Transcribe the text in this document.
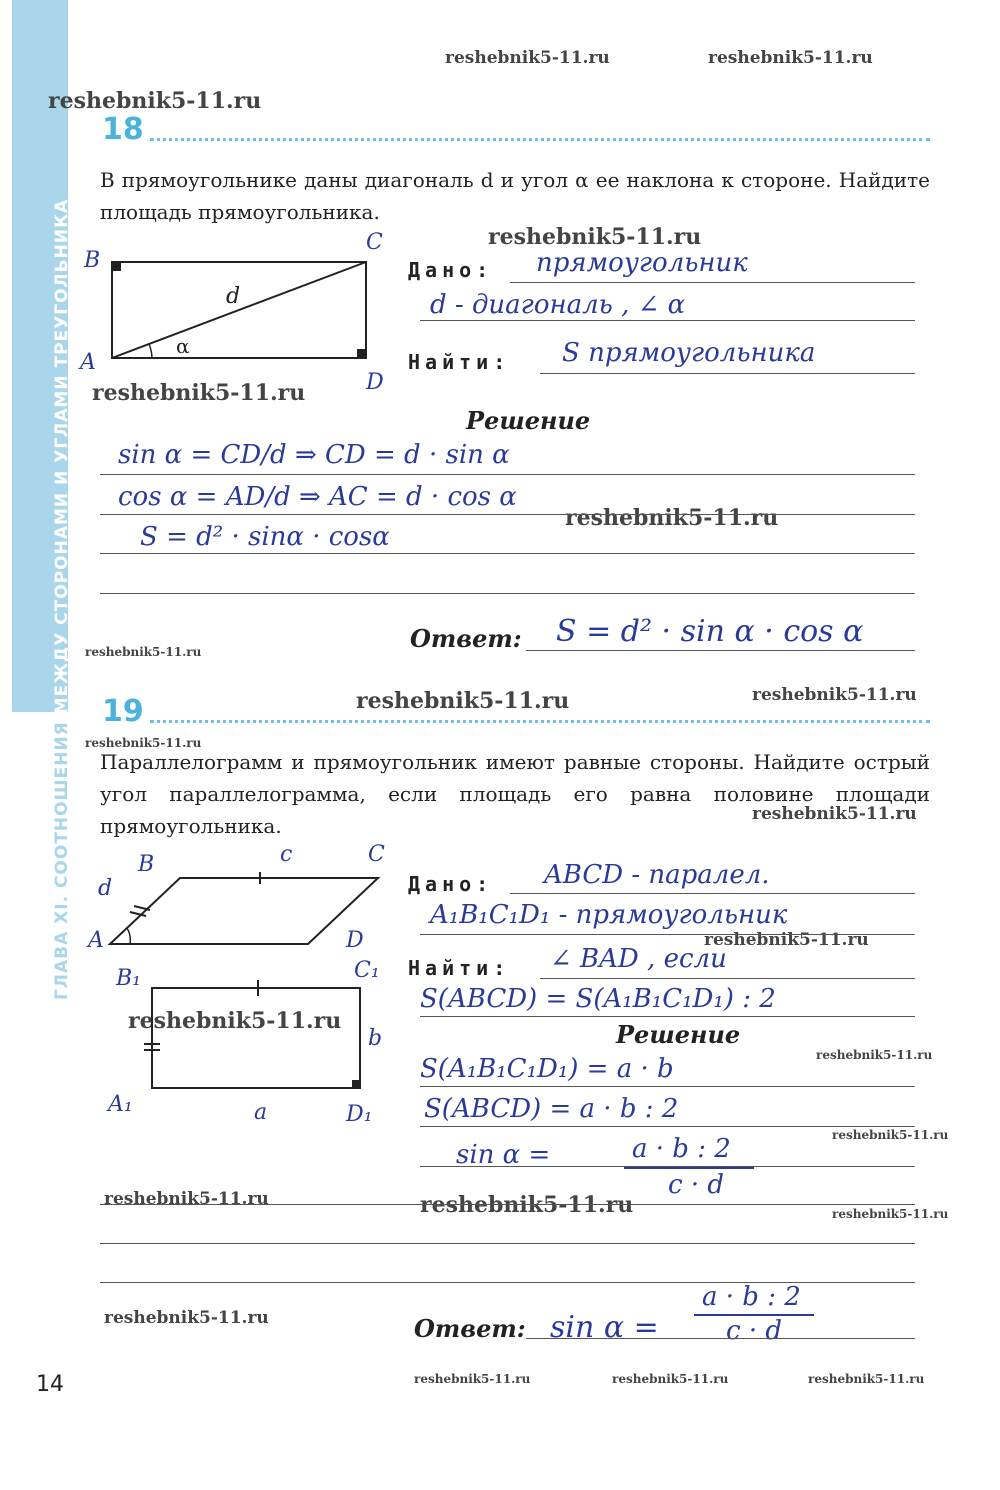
ГЛАВА XI. СООТНОШЕНИЯ МЕЖДУ СТОРОНАМИ И УГЛАМИ ТРЕУГОЛЬНИКА
reshebnik5-11.ru	reshebnik5-11.ru
reshebnik5-11.ru
reshebnik5-11.ru
reshebnik5-11.ru
reshebnik5-11.ru
reshebnik5-11.ru
reshebnik5-11.ru	reshebnik5-11.ru
reshebnik5-11.ru
reshebnik5-11.ru
reshebnik5-11.ru
reshebnik5-11.ru
reshebnik5-11.ru
reshebnik5-11.ru
reshebnik5-11.ru	reshebnik5-11.ru	reshebnik5-11.ru
reshebnik5-11.ru
reshebnik5-11.ru	reshebnik5-11.ru	reshebnik5-11.ru
18
В прямоугольнике даны диагональ d и угол α ее наклона к стороне. Найдите площадь прямоугольника.
B
C
A
D
d
α
Дано: прямоугольник
d - диагональ , ∠ α
Найти: S прямоугольника
Решение
sin α = CD/d ⇒ CD = d · sin α
cos α = AD/d ⇒ AC = d · cos α
S = d² · sinα · cosα
Ответ: S = d² · sin α · cos α
19
Параллелограмм и прямоугольник имеют равные стороны. Найдите острый угол параллелограмма, если площадь его равна половине площади прямоугольника.
B	c	C
d
A	D
B₁	C₁
b
A₁	a	D₁
Дано: ABCD - паралел.
A₁B₁C₁D₁ - прямоугольник
Найти: ∠ BAD , если
S(ABCD) = S(A₁B₁C₁D₁) : 2
Решение
S(A₁B₁C₁D₁) = a · b
S(ABCD) = a · b : 2
sin α =	a · b : 2
c · d
Ответ: sin α =
a · b : 2
c · d
14
